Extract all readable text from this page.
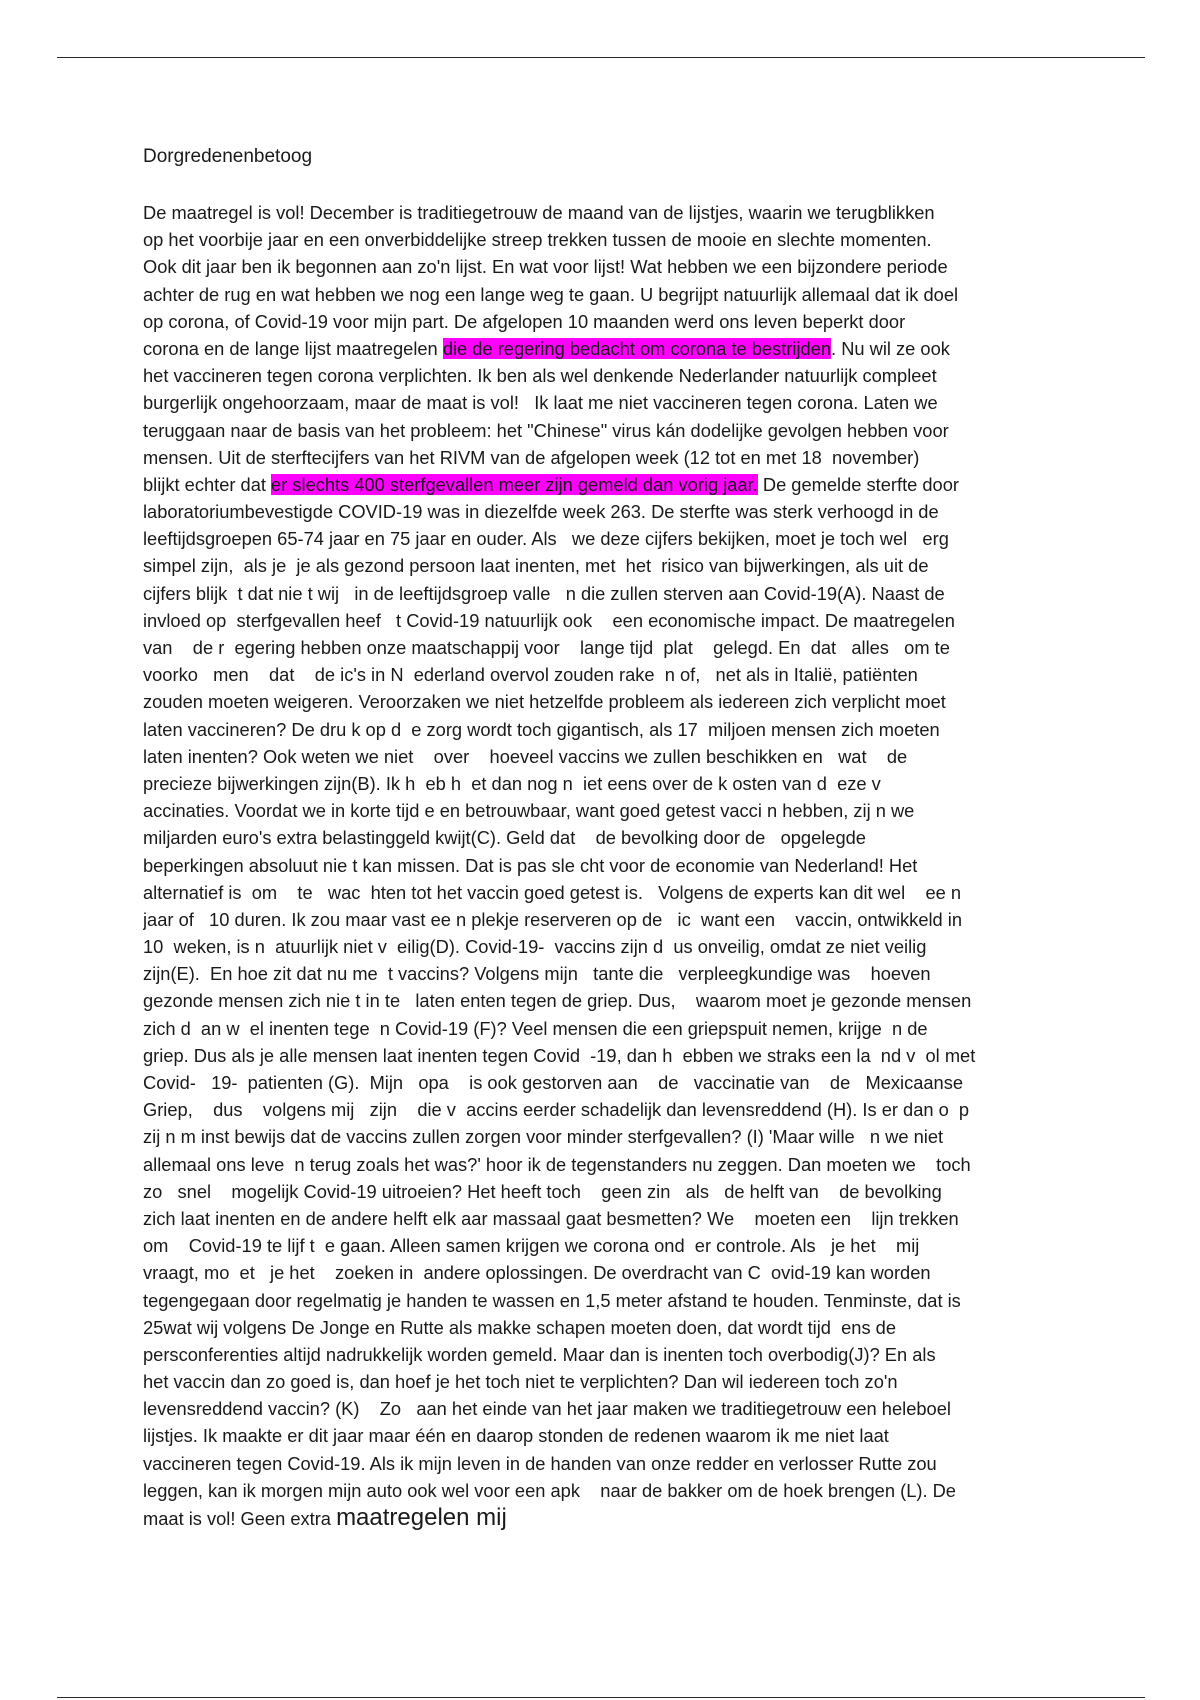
Dorgredenenbetoog
De maatregel is vol! December is traditiegetrouw de maand van de lijstjes, waarin we terugblikken
op het voorbije jaar en een onverbiddelijke streep trekken tussen de mooie en slechte momenten.
Ook dit jaar ben ik begonnen aan zo'n lijst. En wat voor lijst! Wat hebben we een bijzondere periode
achter de rug en wat hebben we nog een lange weg te gaan. U begrijpt natuurlijk allemaal dat ik doel
op corona, of Covid-19 voor mijn part. De afgelopen 10 maanden werd ons leven beperkt door
corona en de lange lijst maatregelen die de regering bedacht om corona te bestrijden. Nu wil ze ook
het vaccineren tegen corona verplichten. Ik ben als wel denkende Nederlander natuurlijk compleet
burgerlijk ongehoorzaam, maar de maat is vol!   Ik laat me niet vaccineren tegen corona. Laten we
teruggaan naar de basis van het probleem: het "Chinese" virus kán dodelijke gevolgen hebben voor
mensen. Uit de sterftecijfers van het RIVM van de afgelopen week (12 tot en met 18  november)
blijkt echter dat er slechts 400 sterfgevallen meer zijn gemeld dan vorig jaar. De gemelde sterfte door
laboratoriumbevestigde COVID-19 was in diezelfde week 263. De sterfte was sterk verhoogd in de
leeftijdsgroepen 65-74 jaar en 75 jaar en ouder. Als   we deze cijfers bekijken, moet je toch wel   erg
simpel zijn,  als je  je als gezond persoon laat inenten, met  het  risico van bijwerkingen, als uit de
cijfers blijk  t dat nie t wij   in de leeftijdsgroep valle   n die zullen sterven aan Covid-19(A). Naast de
invloed op  sterfgevallen heef   t Covid-19 natuurlijk ook    een economische impact. De maatregelen
van    de r  egering hebben onze maatschappij voor    lange tijd  plat    gelegd. En  dat   alles   om te
voorko   men    dat    de ic's in N  ederland overvol zouden rake  n of,   net als in Italië, patiënten
zouden moeten weigeren. Veroorzaken we niet hetzelfde probleem als iedereen zich verplicht moet
laten vaccineren? De dru k op d  e zorg wordt toch gigantisch, als 17  miljoen mensen zich moeten
laten inenten? Ook weten we niet    over    hoeveel vaccins we zullen beschikken en   wat    de
precieze bijwerkingen zijn(B). Ik h  eb h  et dan nog n  iet eens over de k osten van d  eze v
accinaties. Voordat we in korte tijd e en betrouwbaar, want goed getest vacci n hebben, zij n we
miljarden euro's extra belastinggeld kwijt(C). Geld dat    de bevolking door de   opgelegde
beperkingen absoluut nie t kan missen. Dat is pas sle cht voor de economie van Nederland! Het
alternatief is  om    te   wac  hten tot het vaccin goed getest is.   Volgens de experts kan dit wel    ee n
jaar of   10 duren. Ik zou maar vast ee n plekje reserveren op de   ic  want een    vaccin, ontwikkeld in
10  weken, is n  atuurlijk niet v  eilig(D). Covid-19-  vaccins zijn d  us onveilig, omdat ze niet veilig
zijn(E).  En hoe zit dat nu me  t vaccins? Volgens mijn   tante die   verpleegkundige was    hoeven
gezonde mensen zich nie t in te   laten enten tegen de griep. Dus,    waarom moet je gezonde mensen
zich d  an w  el inenten tege  n Covid-19 (F)? Veel mensen die een griepspuit nemen, krijge  n de
griep. Dus als je alle mensen laat inenten tegen Covid  -19, dan h  ebben we straks een la  nd v  ol met
Covid-   19-  patienten (G).  Mijn   opa    is ook gestorven aan    de   vaccinatie van    de   Mexicaanse
Griep,    dus    volgens mij   zijn    die v  accins eerder schadelijk dan levensreddend (H). Is er dan o  p
zij n m inst bewijs dat de vaccins zullen zorgen voor minder sterfgevallen? (I) 'Maar wille   n we niet
allemaal ons leve  n terug zoals het was?' hoor ik de tegenstanders nu zeggen. Dan moeten we    toch
zo   snel    mogelijk Covid-19 uitroeien? Het heeft toch    geen zin   als   de helft van    de bevolking
zich laat inenten en de andere helft elk aar massaal gaat besmetten? We    moeten een    lijn trekken
om    Covid-19 te lijf t  e gaan. Alleen samen krijgen we corona ond  er controle. Als   je het    mij
vraagt, mo  et   je het    zoeken in  andere oplossingen. De overdracht van C  ovid-19 kan worden
tegengegaan door regelmatig je handen te wassen en 1,5 meter afstand te houden. Tenminste, dat is
25wat wij volgens De Jonge en Rutte als makke schapen moeten doen, dat wordt tijd  ens de
persconferenties altijd nadrukkelijk worden gemeld. Maar dan is inenten toch overbodig(J)? En als
het vaccin dan zo goed is, dan hoef je het toch niet te verplichten? Dan wil iedereen toch zo'n
levensreddend vaccin? (K)    Zo   aan het einde van het jaar maken we traditiegetrouw een heleboel
lijstjes. Ik maakte er dit jaar maar één en daarop stonden de redenen waarom ik me niet laat
vaccineren tegen Covid-19. Als ik mijn leven in de handen van onze redder en verlosser Rutte zou
leggen, kan ik morgen mijn auto ook wel voor een apk    naar de bakker om de hoek brengen (L). De
maat is vol! Geen extra maatregelen mij
